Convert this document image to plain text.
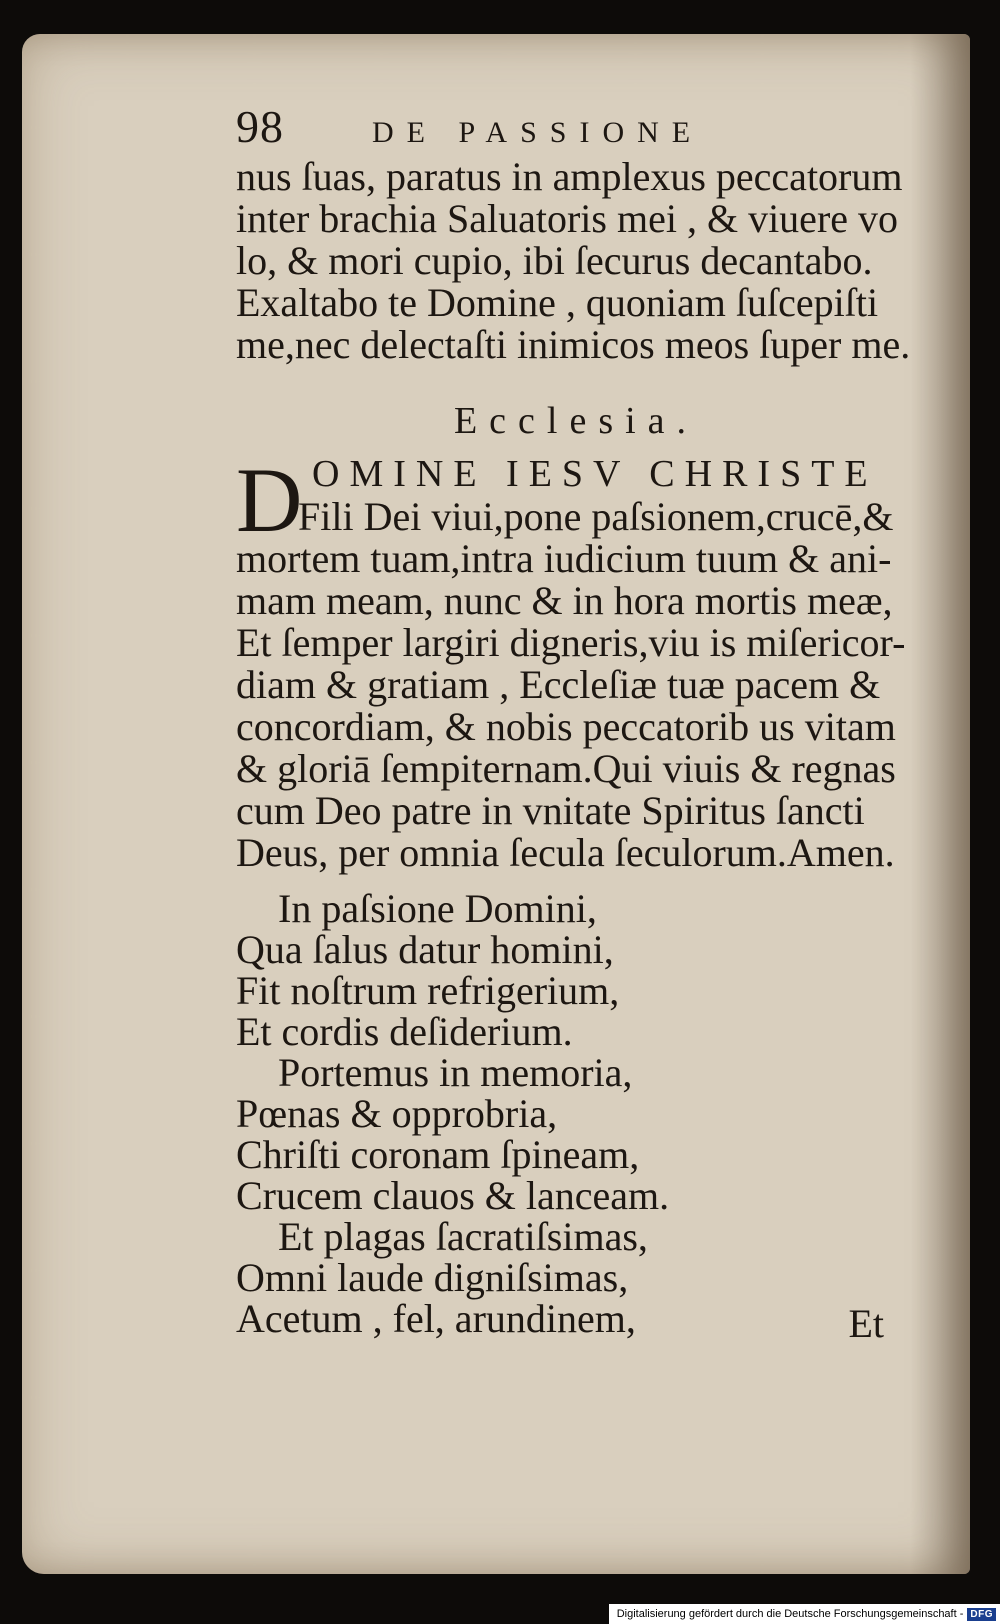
98	DE PASSIONE
nus ſuas, paratus in amplexus peccatorum
inter brachia Saluatoris mei , & viuere vo
lo, & mori cupio, ibi ſecurus decantabo.
Exaltabo te Domine , quoniam ſuſcepiſti
me,nec delectaſti inimicos meos ſuper me.
Ecclesia.
D OMINE IESV CHRISTE
Fili Dei viui,pone paſsionem,crucē,&
mortem tuam,intra iudicium tuum & ani-
mam meam, nunc & in hora mortis meæ,
Et ſemper largiri digneris,viu is miſericor-
diam & gratiam , Eccleſiæ tuæ pacem &
concordiam, & nobis peccatorib us vitam
& gloriā ſempiternam.Qui viuis & regnas
cum Deo patre in vnitate Spiritus ſancti
Deus, per omnia ſecula ſeculorum.Amen.
In paſsione Domini,
Qua ſalus datur homini,
Fit noſtrum refrigerium,
Et cordis deſiderium.
Portemus in memoria,
Pœnas & opprobria,
Chriſti coronam ſpineam,
Crucem clauos & lanceam.
Et plagas ſacratiſsimas,
Omni laude digniſsimas,
Acetum , fel, arundinem,	Et
Digitalisierung gefördert durch die Deutsche Forschungsgemeinschaft - DFG
